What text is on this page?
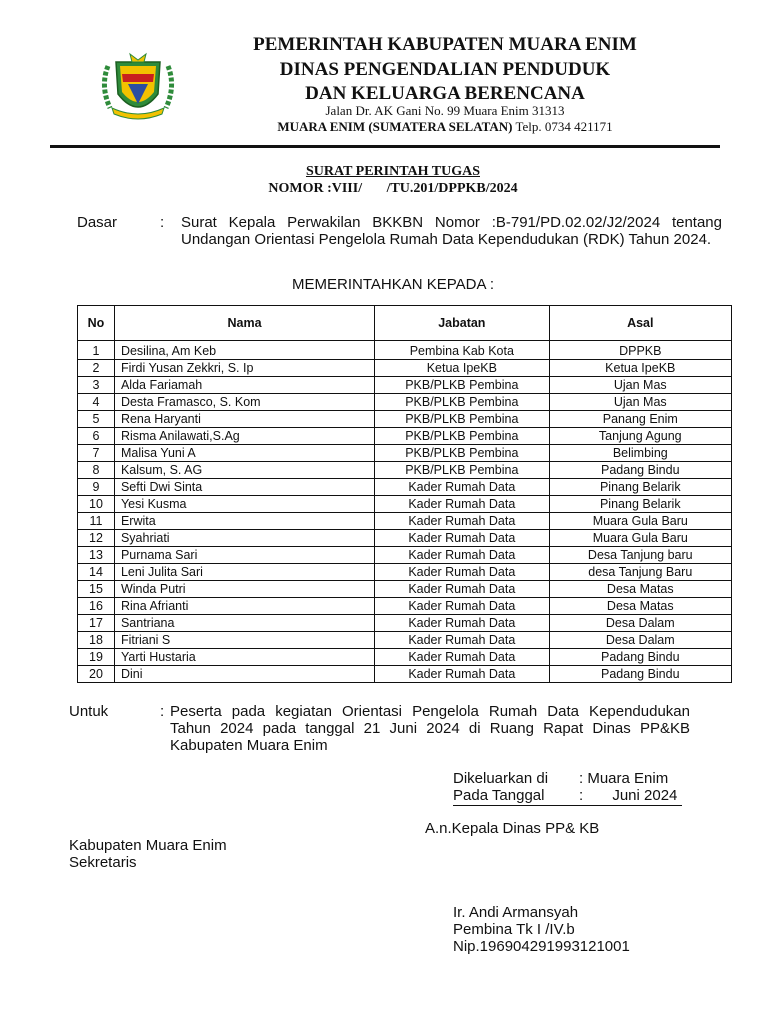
PEMERINTAH KABUPATEN MUARA ENIM
DINAS PENGENDALIAN PENDUDUK
DAN KELUARGA BERENCANA
Jalan Dr. AK Gani No. 99 Muara Enim 31313
MUARA ENIM (SUMATERA SELATAN) Telp. 0734 421171
SURAT PERINTAH TUGAS
NOMOR :VIII/       /TU.201/DPPKB/2024
Dasar	: Surat Kepala Perwakilan BKKBN Nomor :B-791/PD.02.02/J2/2024 tentang Undangan Orientasi Pengelola Rumah Data Kependudukan (RDK) Tahun 2024.
MEMERINTAHKAN KEPADA :
No	Nama	Jabatan	Asal
1	Desilina, Am Keb	Pembina Kab Kota	DPPKB
2	Firdi Yusan Zekkri, S. Ip	Ketua IpeKB	Ketua IpeKB
3	Alda Fariamah	PKB/PLKB Pembina	Ujan Mas
4	Desta Framasco, S. Kom	PKB/PLKB Pembina	Ujan Mas
5	Rena Haryanti	PKB/PLKB Pembina	Panang Enim
6	Risma Anilawati,S.Ag	PKB/PLKB Pembina	Tanjung Agung
7	Malisa Yuni A	PKB/PLKB Pembina	Belimbing
8	Kalsum, S. AG	PKB/PLKB Pembina	Padang Bindu
9	Sefti Dwi Sinta	Kader Rumah Data	Pinang Belarik
10	Yesi Kusma	Kader Rumah Data	Pinang Belarik
11	Erwita	Kader Rumah Data	Muara Gula Baru
12	Syahriati	Kader Rumah Data	Muara Gula Baru
13	Purnama Sari	Kader Rumah Data	Desa Tanjung baru
14	Leni Julita Sari	Kader Rumah Data	desa Tanjung Baru
15	Winda Putri	Kader Rumah Data	Desa Matas
16	Rina Afrianti	Kader Rumah Data	Desa Matas
17	Santriana	Kader Rumah Data	Desa Dalam
18	Fitriani S	Kader Rumah Data	Desa Dalam
19	Yarti Hustaria	Kader Rumah Data	Padang Bindu
20	Dini	Kader Rumah Data	Padang Bindu
Untuk	: Peserta pada kegiatan Orientasi Pengelola Rumah Data Kependudukan Tahun 2024 pada tanggal 21 Juni 2024 di Ruang Rapat Dinas PP&KB Kabupaten Muara Enim
Dikeluarkan di : Muara Enim
Pada Tanggal :       Juni 2024
A.n.Kepala Dinas PP& KB
Kabupaten Muara Enim
Sekretaris
Ir. Andi Armansyah
Pembina Tk I /IV.b
Nip.196904291993121001
